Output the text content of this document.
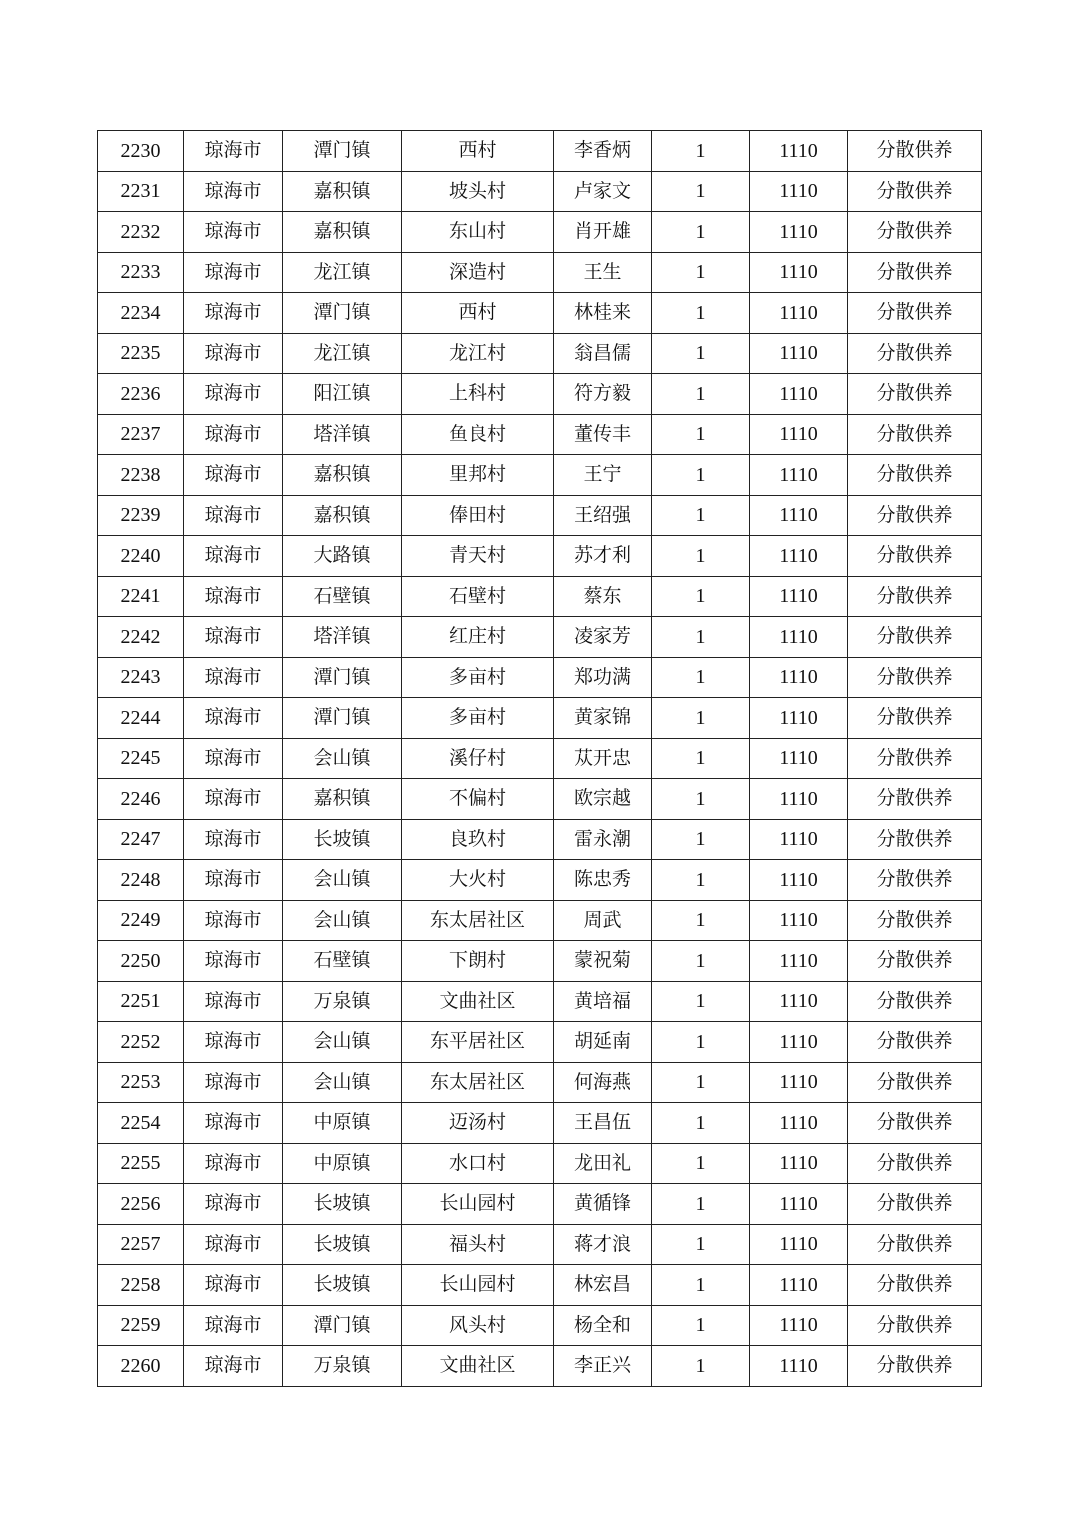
2230	琼海市	潭门镇	西村	李香炳	1	1110	分散供养
2231	琼海市	嘉积镇	坡头村	卢家文	1	1110	分散供养
2232	琼海市	嘉积镇	东山村	肖开雄	1	1110	分散供养
2233	琼海市	龙江镇	深造村	王生	1	1110	分散供养
2234	琼海市	潭门镇	西村	林桂来	1	1110	分散供养
2235	琼海市	龙江镇	龙江村	翁昌儒	1	1110	分散供养
2236	琼海市	阳江镇	上科村	符方毅	1	1110	分散供养
2237	琼海市	塔洋镇	鱼良村	董传丰	1	1110	分散供养
2238	琼海市	嘉积镇	里邦村	王宁	1	1110	分散供养
2239	琼海市	嘉积镇	俸田村	王绍强	1	1110	分散供养
2240	琼海市	大路镇	青天村	苏才利	1	1110	分散供养
2241	琼海市	石壁镇	石壁村	蔡东	1	1110	分散供养
2242	琼海市	塔洋镇	红庄村	凌家芳	1	1110	分散供养
2243	琼海市	潭门镇	多亩村	郑功满	1	1110	分散供养
2244	琼海市	潭门镇	多亩村	黄家锦	1	1110	分散供养
2245	琼海市	会山镇	溪仔村	苁开忠	1	1110	分散供养
2246	琼海市	嘉积镇	不偏村	欧宗越	1	1110	分散供养
2247	琼海市	长坡镇	良玖村	雷永潮	1	1110	分散供养
2248	琼海市	会山镇	大火村	陈忠秀	1	1110	分散供养
2249	琼海市	会山镇	东太居社区	周武	1	1110	分散供养
2250	琼海市	石壁镇	下朗村	蒙祝菊	1	1110	分散供养
2251	琼海市	万泉镇	文曲社区	黄培福	1	1110	分散供养
2252	琼海市	会山镇	东平居社区	胡延南	1	1110	分散供养
2253	琼海市	会山镇	东太居社区	何海燕	1	1110	分散供养
2254	琼海市	中原镇	迈汤村	王昌伍	1	1110	分散供养
2255	琼海市	中原镇	水口村	龙田礼	1	1110	分散供养
2256	琼海市	长坡镇	长山园村	黄循锋	1	1110	分散供养
2257	琼海市	长坡镇	福头村	蒋才浪	1	1110	分散供养
2258	琼海市	长坡镇	长山园村	林宏昌	1	1110	分散供养
2259	琼海市	潭门镇	风头村	杨全和	1	1110	分散供养
2260	琼海市	万泉镇	文曲社区	李正兴	1	1110	分散供养
